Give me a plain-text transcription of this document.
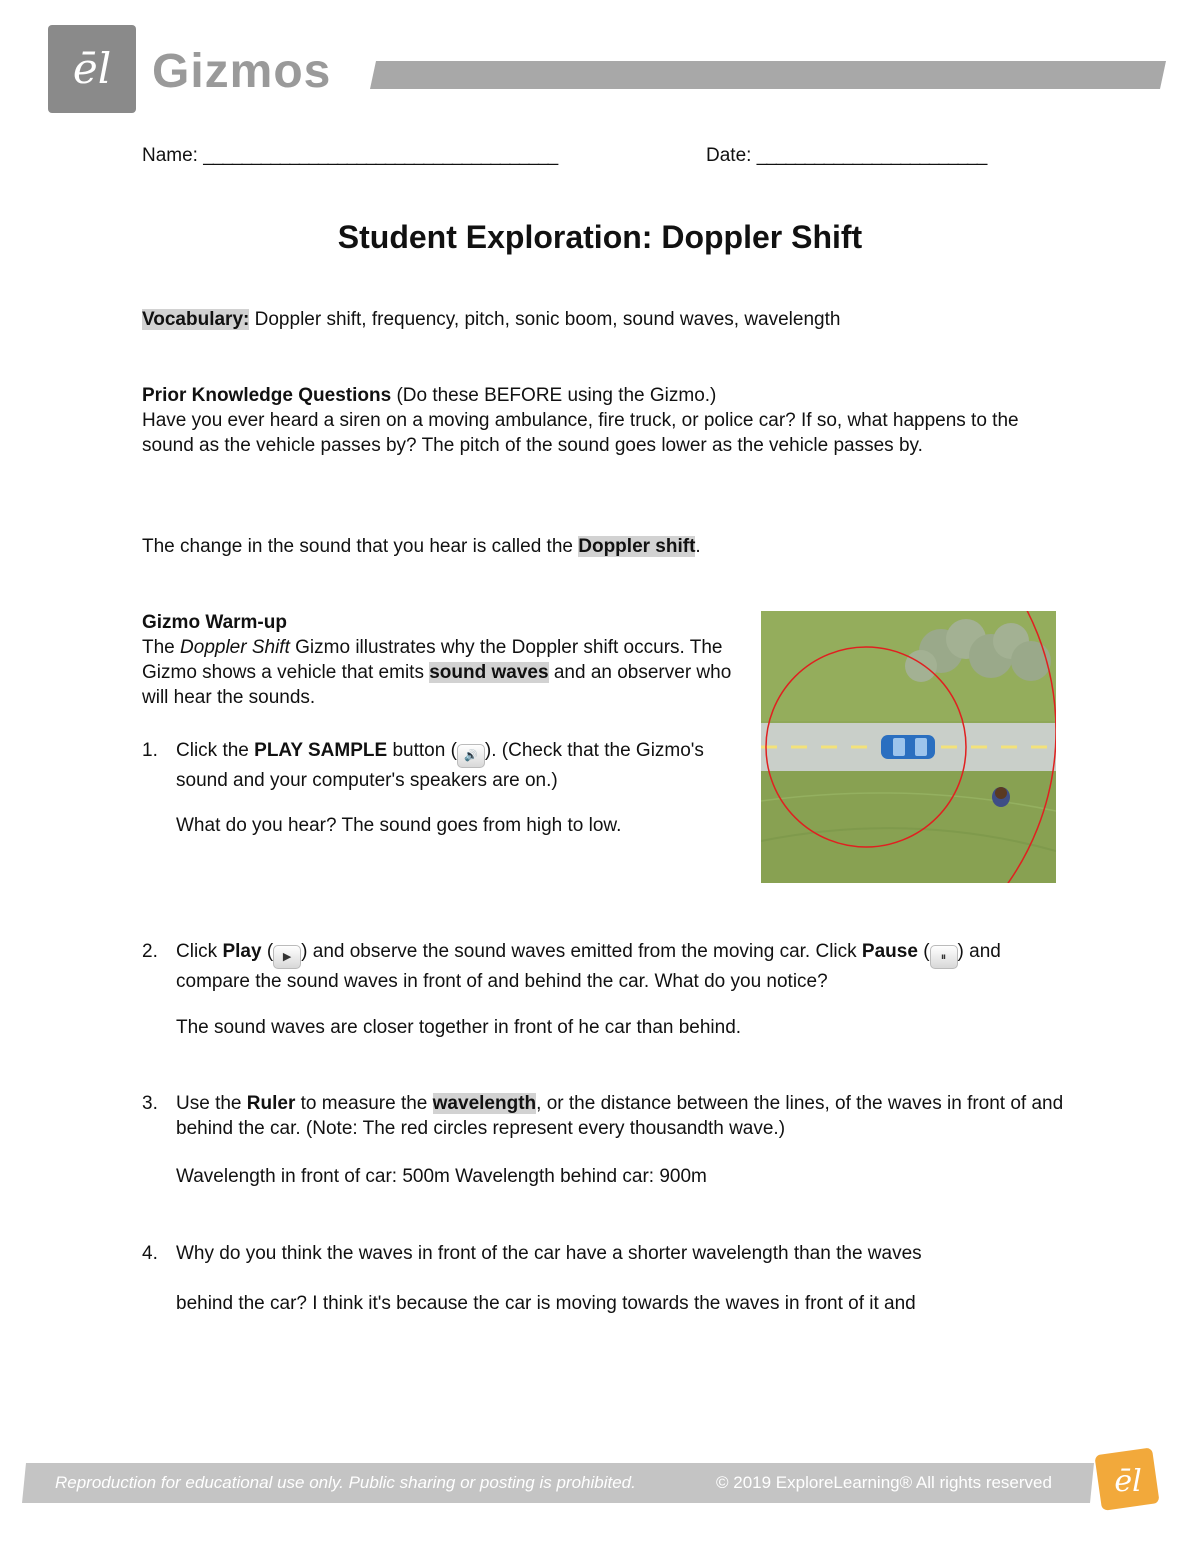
ēl Gizmos
Name: _____________________________________	Date: ________________________
Student Exploration: Doppler Shift
Vocabulary: Doppler shift, frequency, pitch, sonic boom, sound waves, wavelength
Prior Knowledge Questions (Do these BEFORE using the Gizmo.)
Have you ever heard a siren on a moving ambulance, fire truck, or police car? If so, what happens to the sound as the vehicle passes by? The pitch of the sound goes lower as the vehicle passes by.
The change in the sound that you hear is called the Doppler shift.
Gizmo Warm-up
The Doppler Shift Gizmo illustrates why the Doppler shift occurs. The Gizmo shows a vehicle that emits sound waves and an observer who will hear the sounds.
1. Click the PLAY SAMPLE button ( 🔊 ). (Check that the Gizmo's sound and your computer's speakers are on.)
What do you hear? The sound goes from high to low.
2. Click Play ( ▶ ) and observe the sound waves emitted from the moving car. Click Pause ( ⏸ ) and compare the sound waves in front of and behind the car. What do you notice?
The sound waves are closer together in front of he car than behind.
3. Use the Ruler to measure the wavelength, or the distance between the lines, of the waves in front of and behind the car. (Note: The red circles represent every thousandth wave.)
Wavelength in front of car: 500m Wavelength behind car: 900m
4. Why do you think the waves in front of the car have a shorter wavelength than the waves
behind the car? I think it's because the car is moving towards the waves in front of it and
Reproduction for educational use only. Public sharing or posting is prohibited.	© 2019 ExploreLearning® All rights reserved ēl
